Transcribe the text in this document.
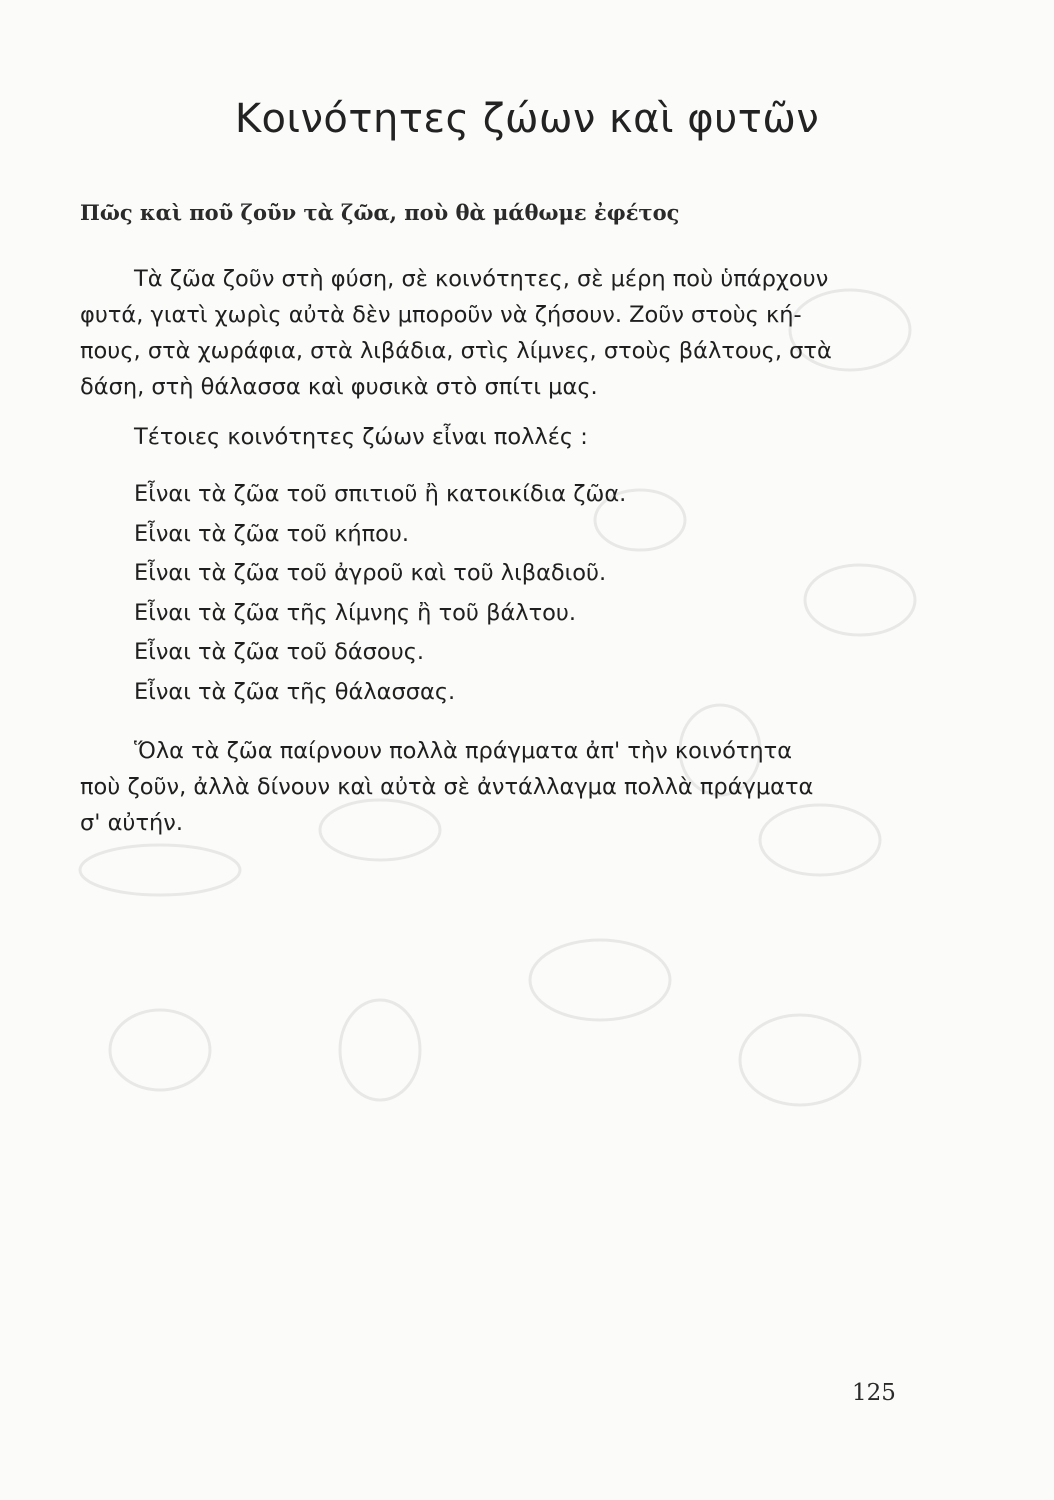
Κοινότητες ζώων καὶ φυτῶν
Πῶς καὶ ποῦ ζοῦν τὰ ζῶα, ποὺ θὰ μάθωμε ἐφέτος

Τὰ ζῶα ζοῦν στὴ φύση, σὲ κοινότητες, σὲ μέρη ποὺ ὑπάρχουν

φυτά, γιατὶ χωρὶς αὐτὰ δὲν μποροῦν νὰ ζήσουν. Ζοῦν στοὺς κή-

πους, στὰ χωράφια, στὰ λιβάδια, στὶς λίμνες, στοὺς βάλτους, στὰ

δάση, στὴ θάλασσα καὶ φυσικὰ στὸ σπίτι μας.

Τέτοιες κοινότητες ζώων εἶναι πολλές :

Εἶναι τὰ ζῶα τοῦ σπιτιοῦ ἢ κατοικίδια ζῶα.

Εἶναι τὰ ζῶα τοῦ κήπου.

Εἶναι τὰ ζῶα τοῦ ἀγροῦ καὶ τοῦ λιβαδιοῦ.

Εἶναι τὰ ζῶα τῆς λίμνης ἢ τοῦ βάλτου.

Εἶναι τὰ ζῶα τοῦ δάσους.

Εἶναι τὰ ζῶα τῆς θάλασσας.

Ὅλα τὰ ζῶα παίρνουν πολλὰ πράγματα ἀπ' τὴν κοινότητα

ποὺ ζοῦν, ἀλλὰ δίνουν καὶ αὐτὰ σὲ ἀντάλλαγμα πολλὰ πράγματα

σ' αὐτήν.

125
